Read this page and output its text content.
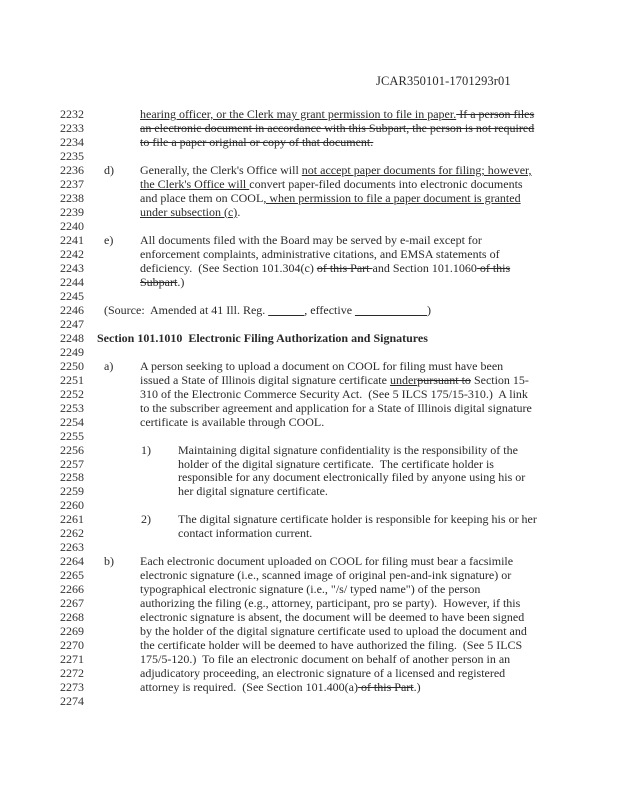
JCAR350101-1701293r01
2232	hearing officer, or the Clerk may grant permission to file in paper. If a person files
2233	an electronic document in accordance with this Subpart, the person is not required
2234	to file a paper original or copy of that document.
2235
2236 d) Generally, the Clerk's Office will not accept paper documents for filing; however,
2237	the Clerk's Office will convert paper-filed documents into electronic documents
2238	and place them on COOL, when permission to file a paper document is granted
2239	under subsection (c).
2240
2241 e) All documents filed with the Board may be served by e-mail except for
2242	enforcement complaints, administrative citations, and EMSA statements of
2243	deficiency.  (See Section 101.304(c) of this Part and Section 101.1060 of this
2244	Subpart.)
2245
2246 (Source:  Amended at 41 Ill. Reg. ______, effective ____________)
2247
2248 Section 101.1010  Electronic Filing Authorization and Signatures
2249
2250 a) A person seeking to upload a document on COOL for filing must have been
2251	issued a State of Illinois digital signature certificate underpursuant to Section 15-
2252	310 of the Electronic Commerce Security Act.  (See 5 ILCS 175/15-310.)  A link
2253	to the subscriber agreement and application for a State of Illinois digital signature
2254	certificate is available through COOL.
2255
2256	1) Maintaining digital signature confidentiality is the responsibility of the
2257	holder of the digital signature certificate.  The certificate holder is
2258	responsible for any document electronically filed by anyone using his or
2259	her digital signature certificate.
2260
2261	2) The digital signature certificate holder is responsible for keeping his or her
2262	contact information current.
2263
2264 b) Each electronic document uploaded on COOL for filing must bear a facsimile
2265	electronic signature (i.e., scanned image of original pen-and-ink signature) or
2266	typographical electronic signature (i.e., "/s/ typed name") of the person
2267	authorizing the filing (e.g., attorney, participant, pro se party).  However, if this
2268	electronic signature is absent, the document will be deemed to have been signed
2269	by the holder of the digital signature certificate used to upload the document and
2270	the certificate holder will be deemed to have authorized the filing.  (See 5 ILCS
2271	175/5-120.)  To file an electronic document on behalf of another person in an
2272	adjudicatory proceeding, an electronic signature of a licensed and registered
2273	attorney is required.  (See Section 101.400(a) of this Part.)
2274
